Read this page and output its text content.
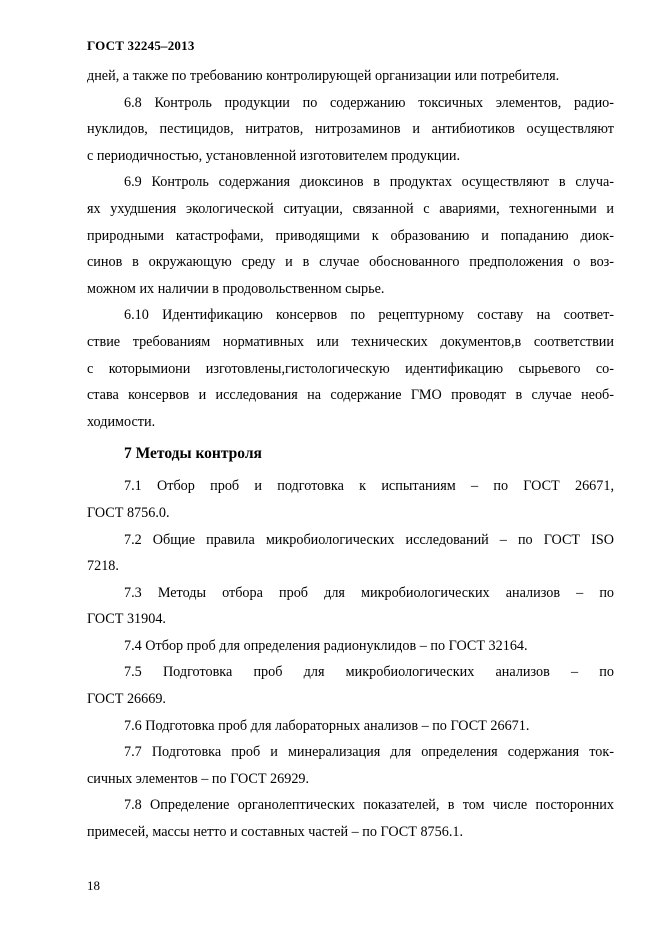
ГОСТ 32245–2013
дней, а также по требованию контролирующей организации или потребителя.
6.8 Контроль продукции по содержанию токсичных элементов, радио-
нуклидов, пестицидов, нитратов, нитрозаминов и антибиотиков осуществляют
с периодичностью, установленной изготовителем продукции.
6.9 Контроль содержания диоксинов в продуктах осуществляют в случа-
ях ухудшения экологической ситуации, связанной с авариями, техногенными и
природными катастрофами, приводящими к образованию и попаданию диок-
синов в окружающую среду и в случае обоснованного предположения о воз-
можном их наличии в продовольственном сырье.
6.10 Идентификацию консервов по рецептурному составу на соответ-
ствие требованиям нормативных или технических документов,в соответствии
с которымиони изготовлены,гистологическую идентификацию сырьевого со-
става консервов и исследования на содержание ГМО проводят в случае необ-
ходимости.
7 Методы контроля
7.1 Отбор проб и подготовка к испытаниям – по ГОСТ 26671,
ГОСТ 8756.0.
7.2 Общие правила микробиологических исследований – по ГОСТ ISO
7218.
7.3 Методы отбора проб для микробиологических анализов – по
ГОСТ 31904.
7.4 Отбор проб для определения радионуклидов – по ГОСТ 32164.
7.5 Подготовка проб для микробиологических анализов – по
ГОСТ 26669.
7.6 Подготовка проб для лабораторных анализов – по ГОСТ 26671.
7.7 Подготовка проб и минерализация для определения содержания ток-
сичных элементов – по ГОСТ 26929.
7.8 Определение органолептических показателей, в том числе посторонних
примесей, массы нетто и составных частей – по ГОСТ 8756.1.
18
